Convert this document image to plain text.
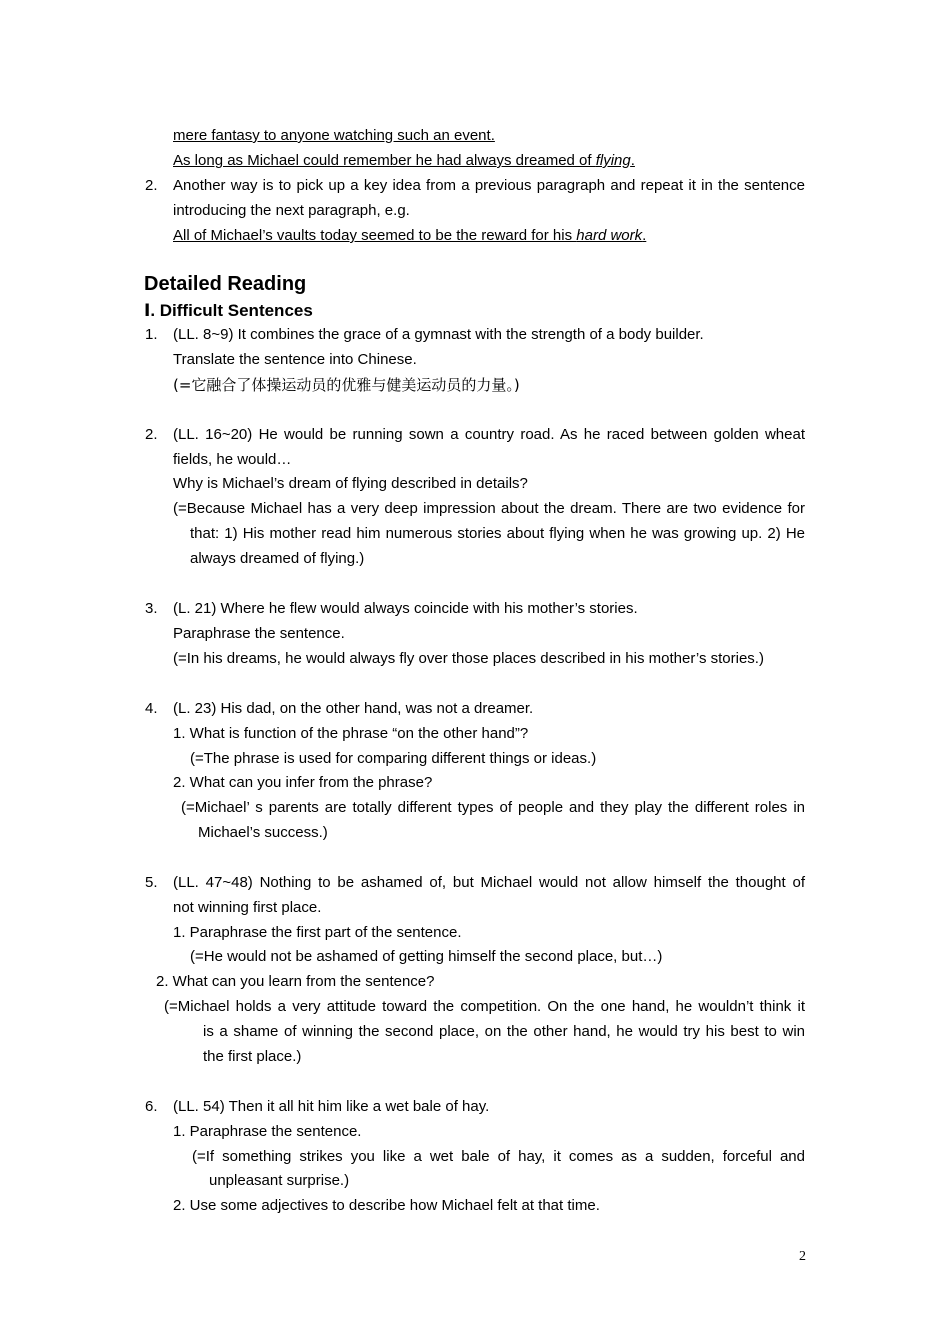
mere fantasy to anyone watching such an event.
As long as Michael could remember he had always dreamed of flying.
2. Another way is to pick up a key idea from a previous paragraph and repeat it in the sentence
introducing the next paragraph, e.g.
All of Michael’s vaults today seemed to be the reward for his hard work.
Detailed Reading
Ⅰ. Difficult Sentences
1. (LL. 8~9) It combines the grace of a gymnast with the strength of a body builder.
Translate the sentence into Chinese.
(=它融合了体操运动员的优雅与健美运动员的力量。)
2. (LL. 16~20) He would be running sown a country road. As he raced between golden wheat
fields, he would…
Why is Michael’s dream of flying described in details?
(=Because Michael has a very deep impression about the dream. There are two evidence for
that: 1) His mother read him numerous stories about flying when he was growing up. 2) He
always dreamed of flying.)
3. (L. 21) Where he flew would always coincide with his mother’s stories.
Paraphrase the sentence.
(=In his dreams, he would always fly over those places described in his mother’s stories.)
4. (L. 23) His dad, on the other hand, was not a dreamer.
1. What is function of the phrase “on the other hand”?
(=The phrase is used for comparing different things or ideas.)
2. What can you infer from the phrase?
(=Michael’ s parents are totally different types of people and they play the different roles in
Michael’s success.)
5. (LL. 47~48) Nothing to be ashamed of, but Michael would not allow himself the thought of
not winning first place.
1. Paraphrase the first part of the sentence.
(=He would not be ashamed of getting himself the second place, but…)
2. What can you learn from the sentence?
(=Michael holds a very attitude toward the competition. On the one hand, he wouldn’t think it
is a shame of winning the second place, on the other hand, he would try his best to win
the first place.)
6. (LL. 54) Then it all hit him like a wet bale of hay.
1. Paraphrase the sentence.
(=If something strikes you like a wet bale of hay, it comes as a sudden, forceful and
unpleasant surprise.)
2. Use some adjectives to describe how Michael felt at that time.
2
